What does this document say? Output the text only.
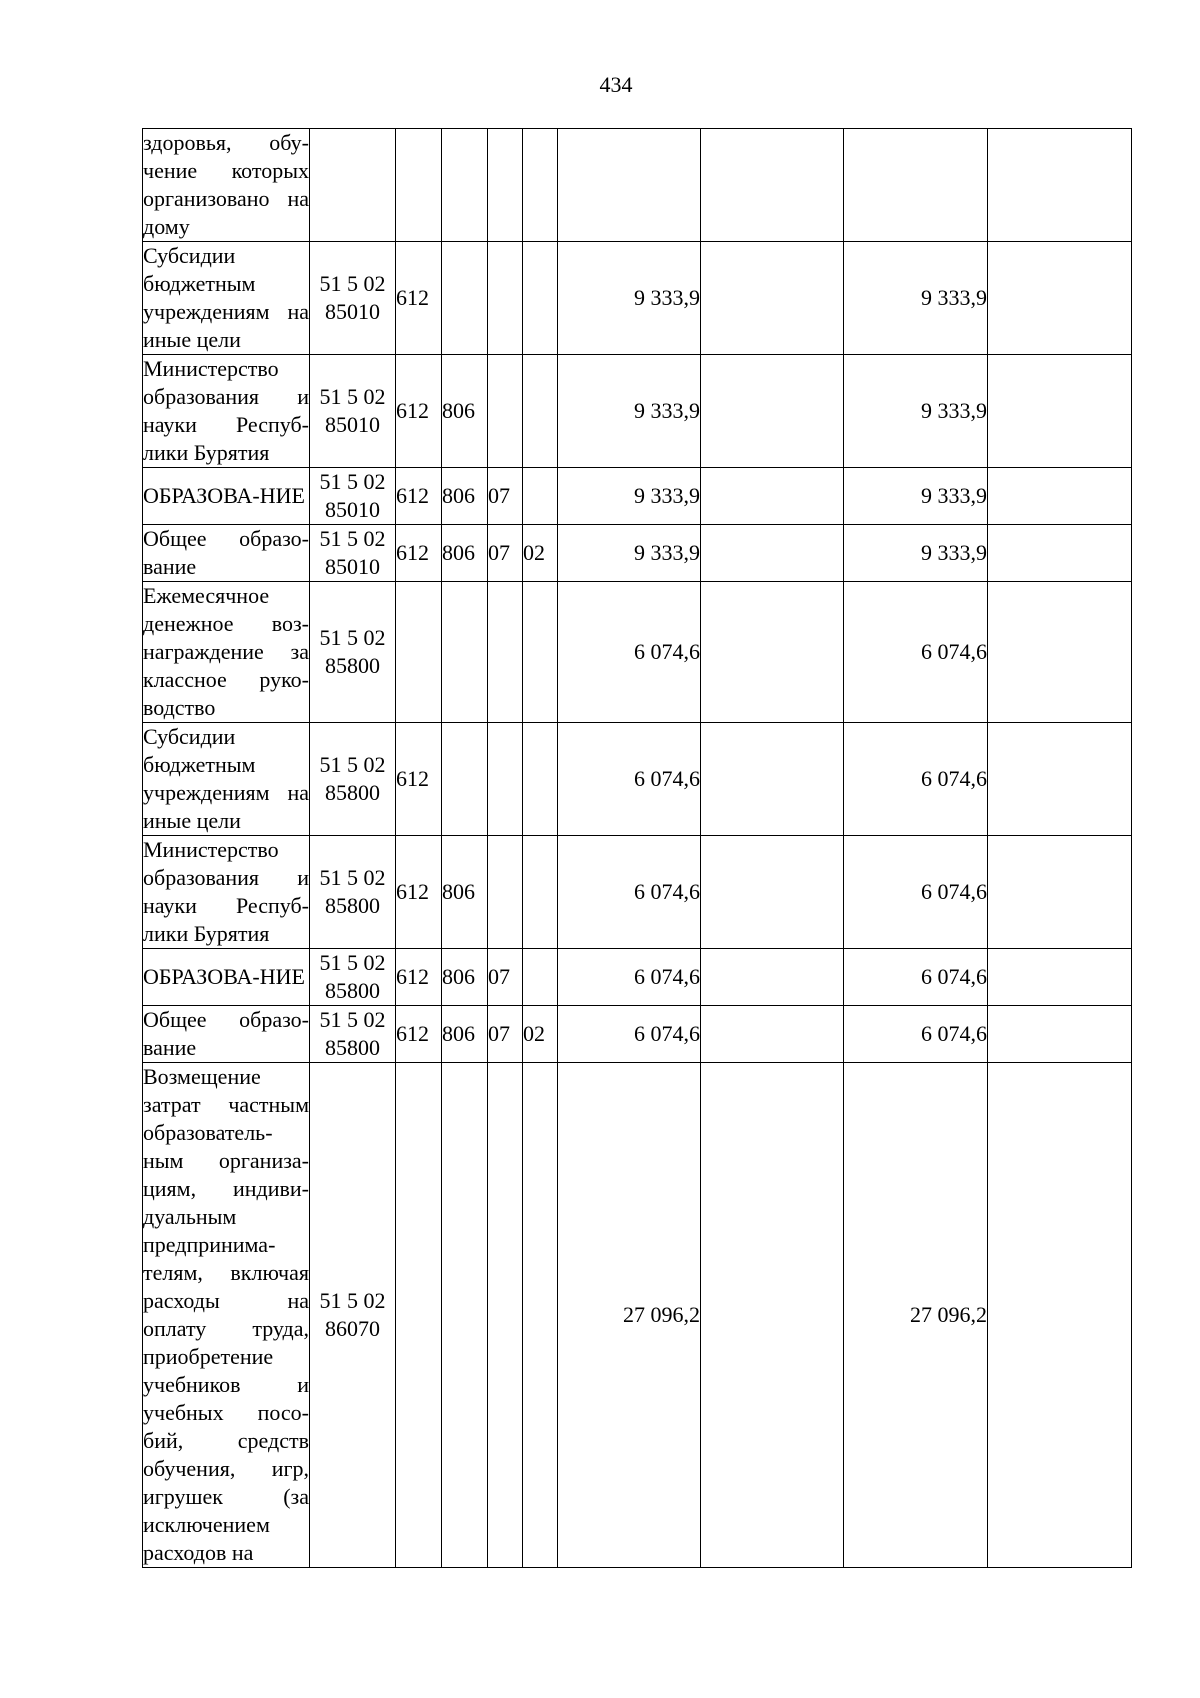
434
здоровья, обу-чение которых организовано на дому									
Субсидии бюджетным учреждениям на иные цели	51 5 02 85010	612				9 333,9		9 333,9	
Министерство образования и науки Респуб-лики Бурятия	51 5 02 85010	612	806			9 333,9		9 333,9	
ОБРАЗОВА-НИЕ	51 5 02 85010	612	806	07		9 333,9		9 333,9	
Общее образо-вание	51 5 02 85010	612	806	07	02	9 333,9		9 333,9	
Ежемесячное денежное воз-награждение за классное руко-водство	51 5 02 85800					6 074,6		6 074,6	
Субсидии бюджетным учреждениям на иные цели	51 5 02 85800	612				6 074,6		6 074,6	
Министерство образования и науки Респуб-лики Бурятия	51 5 02 85800	612	806			6 074,6		6 074,6	
ОБРАЗОВА-НИЕ	51 5 02 85800	612	806	07		6 074,6		6 074,6	
Общее образо-вание	51 5 02 85800	612	806	07	02	6 074,6		6 074,6	
Возмещение затрат частным образователь-ным организа-циям, индиви-дуальным предпринима-телям, включая расходы на оплату труда, приобретение учебников и учебных посо-бий, средств обучения, игр, игрушек (за исключением расходов на	51 5 02 86070					27 096,2		27 096,2	
